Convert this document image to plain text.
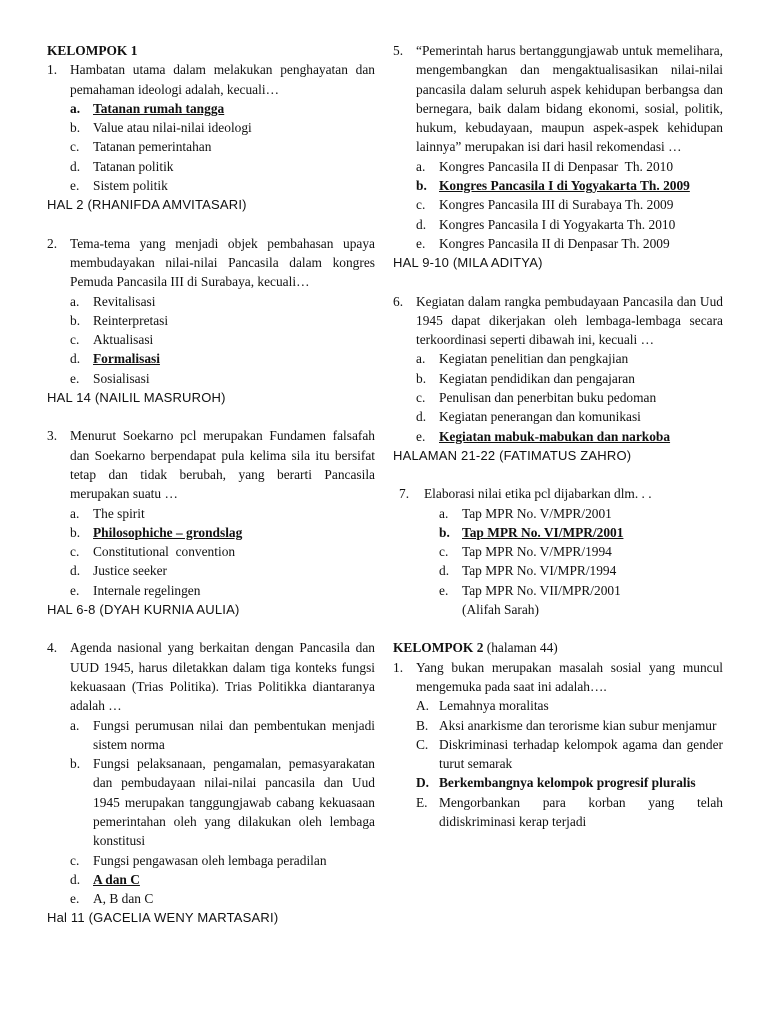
KELOMPOK 1
1. Hambatan utama dalam melakukan penghayatan dan pemahaman ideologi adalah, kecuali…
a. Tatanan rumah tangga
b. Value atau nilai-nilai ideologi
c. Tatanan pemerintahan
d. Tatanan politik
e. Sistem politik
HAL 2 (RHANIFDA AMVITASARI)
2. Tema-tema yang menjadi objek pembahasan upaya membudayakan nilai-nilai Pancasila dalam kongres Pemuda Pancasila III di Surabaya, kecuali…
a. Revitalisasi
b. Reinterpretasi
c. Aktualisasi
d. Formalisasi
e. Sosialisasi
HAL 14 (NAILIL MASRUROH)
3. Menurut Soekarno pcl merupakan Fundamen falsafah dan Soekarno berpendapat pula kelima sila itu bersifat tetap dan tidak berubah, yang berarti Pancasila merupakan suatu …
a. The spirit
b. Philosophiche – grondslag
c. Constitutional  convention
d. Justice seeker
e. Internale regelingen
HAL 6-8 (DYAH KURNIA AULIA)
4. Agenda nasional yang berkaitan dengan Pancasila dan UUD 1945, harus diletakkan dalam tiga konteks fungsi kekuasaan (Trias Politika). Trias Politikka diantaranya adalah …
a. Fungsi perumusan nilai dan pembentukan menjadi sistem norma
b. Fungsi pelaksanaan, pengamalan, pemasyarakatan dan pembudayaan nilai-nilai pancasila dan Uud 1945 merupakan tanggungjawab cabang kekuasaan pemerintahan oleh yang dilakukan oleh lembaga konstitusi
c. Fungsi pengawasan oleh lembaga peradilan
d. A dan C
e. A, B dan C
Hal 11 (GACELIA WENY MARTASARI)
5. “Pemerintah harus bertanggungjawab untuk memelihara, mengembangkan dan mengaktualisasikan nilai-nilai pancasila dalam seluruh aspek kehidupan berbangsa dan bernegara, baik dalam bidang ekonomi, sosial, politik, hukum, kebudayaan, maupun aspek-aspek kehidupan lainnya” merupakan isi dari hasil rekomendasi …
a. Kongres Pancasila II di Denpasar  Th. 2010
b. Kongres Pancasila I di Yogyakarta Th. 2009
c. Kongres Pancasila III di Surabaya Th. 2009
d. Kongres Pancasila I di Yogyakarta Th. 2010
e. Kongres Pancasila II di Denpasar Th. 2009
HAL 9-10 (MILA ADITYA)
6. Kegiatan dalam rangka pembudayaan Pancasila dan Uud 1945 dapat dikerjakan oleh lembaga-lembaga secara terkoordinasi seperti dibawah ini, kecuali …
a. Kegiatan penelitian dan pengkajian
b. Kegiatan pendidikan dan pengajaran
c. Penulisan dan penerbitan buku pedoman
d. Kegiatan penerangan dan komunikasi
e. Kegiatan mabuk-mabukan dan narkoba
HALAMAN 21-22 (FATIMATUS ZAHRO)
7.	Elaborasi nilai etika pcl dijabarkan dlm. . .
a. Tap MPR No. V/MPR/2001
b. Tap MPR No. VI/MPR/2001
c. Tap MPR No. V/MPR/1994
d. Tap MPR No. VI/MPR/1994
e. Tap MPR No. VII/MPR/2001
(Alifah Sarah)
KELOMPOK 2 (halaman 44)
1. Yang bukan merupakan masalah sosial yang muncul mengemuka pada saat ini adalah….
A. Lemahnya moralitas
B. Aksi anarkisme dan terorisme kian subur menjamur
C. Diskriminasi terhadap kelompok agama dan gender turut semarak
D. Berkembangnya kelompok progresif pluralis
E. Mengorbankan para korban yang telah didiskriminasi kerap terjadi
